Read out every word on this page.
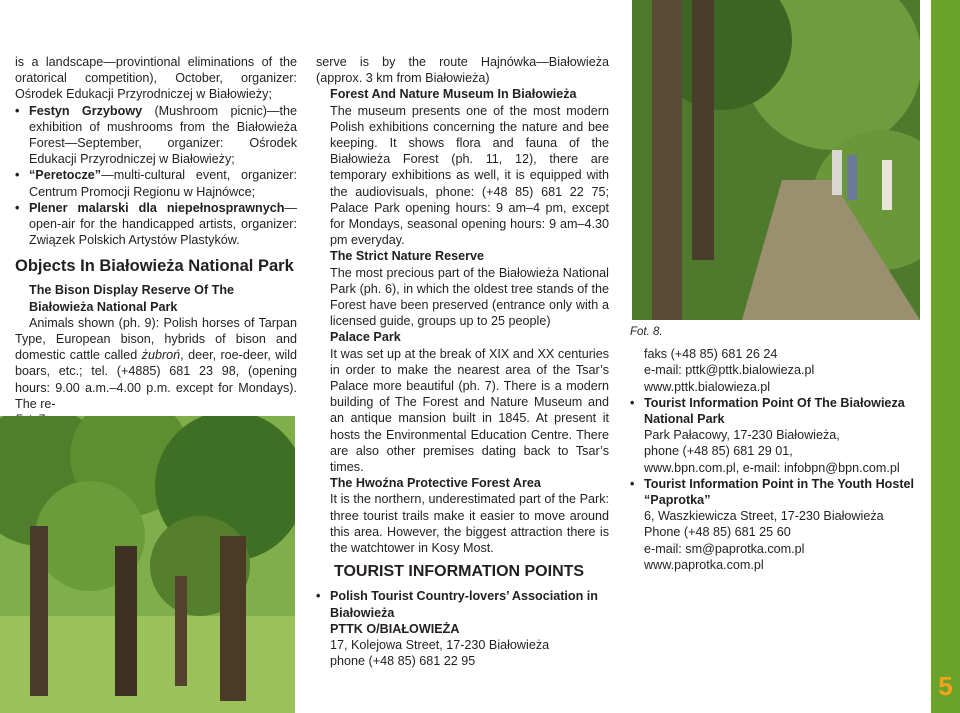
is a landscape—provintional eliminations of the oratorical competition), October, organizer: Ośrodek Edukacji Przyrodniczej w Białowieży;

• Festyn Grzybowy (Mushroom picnic)—the exhibition of mushrooms from the Białowieża Forest—September, organizer: Ośrodek Edukacji Przyrodniczej w Białowieży;
• “Peretocze”—multi-cultural event, organizer: Centrum Promocji Regionu w Hajnówce;
• Plener malarski dla niepełnosprawnych— open-air for the handicapped artists, organizer: Związek Polskich Artystów Plastyków.
Objects In Białowieża National Park

The Bison Display Reserve Of The Białowieża National Park

Animals shown (ph. 9): Polish horses of Tarpan Type, European bison, hybrids of bison and domestic cattle called żubroń, deer, roe-deer, wild boars, etc.; tel. (+4885) 681 23 98, (opening hours: 9.00 a.m.–4.00 p.m. except for Mondays). The re-

serve is by the route Hajnówka—Białowieża (approx. 3 km from Białowieża)

Forest And Nature Museum In Białowieża

The museum presents one of the most modern Polish exhibitions concerning the nature and bee keeping. It shows flora and fauna of the Białowieża Forest (ph. 11, 12), there are temporary exhibitions as well, it is equipped with the audiovisuals, phone: (+48 85) 681 22 75; Palace Park opening hours: 9 am–4 pm, except for Mondays, seasonal opening hours: 9 am–4.30 pm everyday.

The Strict Nature Reserve

The most precious part of the Białowieża National Park (ph. 6), in which the oldest tree stands of the Forest have been preserved (entrance only with a licensed guide, groups up to 25 people)

Palace Park

It was set up at the break of XIX and XX centuries in order to make the nearest area of the Tsar’s Palace more beautiful (ph. 7). There is a modern building of The Forest and Nature Museum and an antique mansion built in 1845. At present it hosts the Environmental Education Centre. There are also other premises dating back to Tsar’s times.

The Hwoźna Protective Forest Area

It is the northern, underestimated part of the Park: three tourist trails make it easier to move around this area. However, the biggest attraction there is the watchtower in Kosy Most.

TOURIST INFORMATION POINTS
• Polish Tourist Country-lovers’ Association in Białowieża

PTTK O/BIAŁOWIEŻA

17, Kolejowa Street, 17-230 Białowieża

phone (+48 85) 681 22 95

Fot. 8.

faks (+48 85) 681 26 24

e-mail: pttk@pttk.bialowieza.pl

www.pttk.bialowieza.pl

• Tourist Information Point Of The Białowieza National Park

Park Pałacowy, 17-230 Białowieża,

phone (+48 85) 681 29 01,

www.bpn.com.pl, e-mail: infobpn@bpn.com.pl

• Tourist Information Point in The Youth Hostel “Paprotka”

6, Waszkiewicza Street, 17-230 Białowieża

Phone (+48 85) 681 25 60

e-mail: sm@paprotka.com.pl

www.paprotka.com.pl

5
